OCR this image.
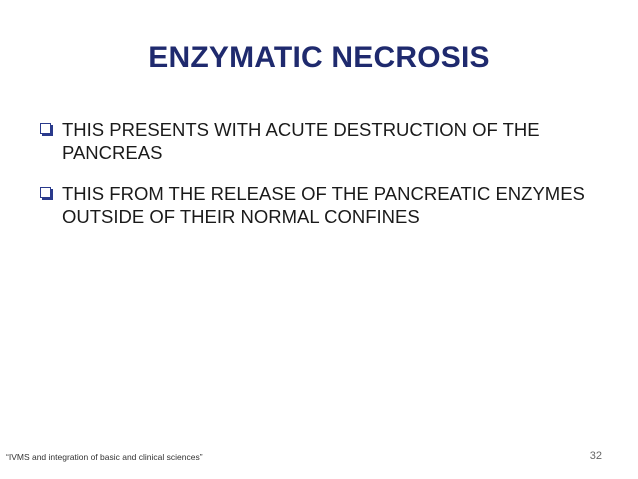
ENZYMATIC NECROSIS
THIS PRESENTS WITH ACUTE DESTRUCTION OF THE PANCREAS
THIS FROM THE RELEASE OF THE PANCREATIC ENZYMES OUTSIDE OF THEIR NORMAL CONFINES
“IVMS and integration of basic and clinical sciences”	32
